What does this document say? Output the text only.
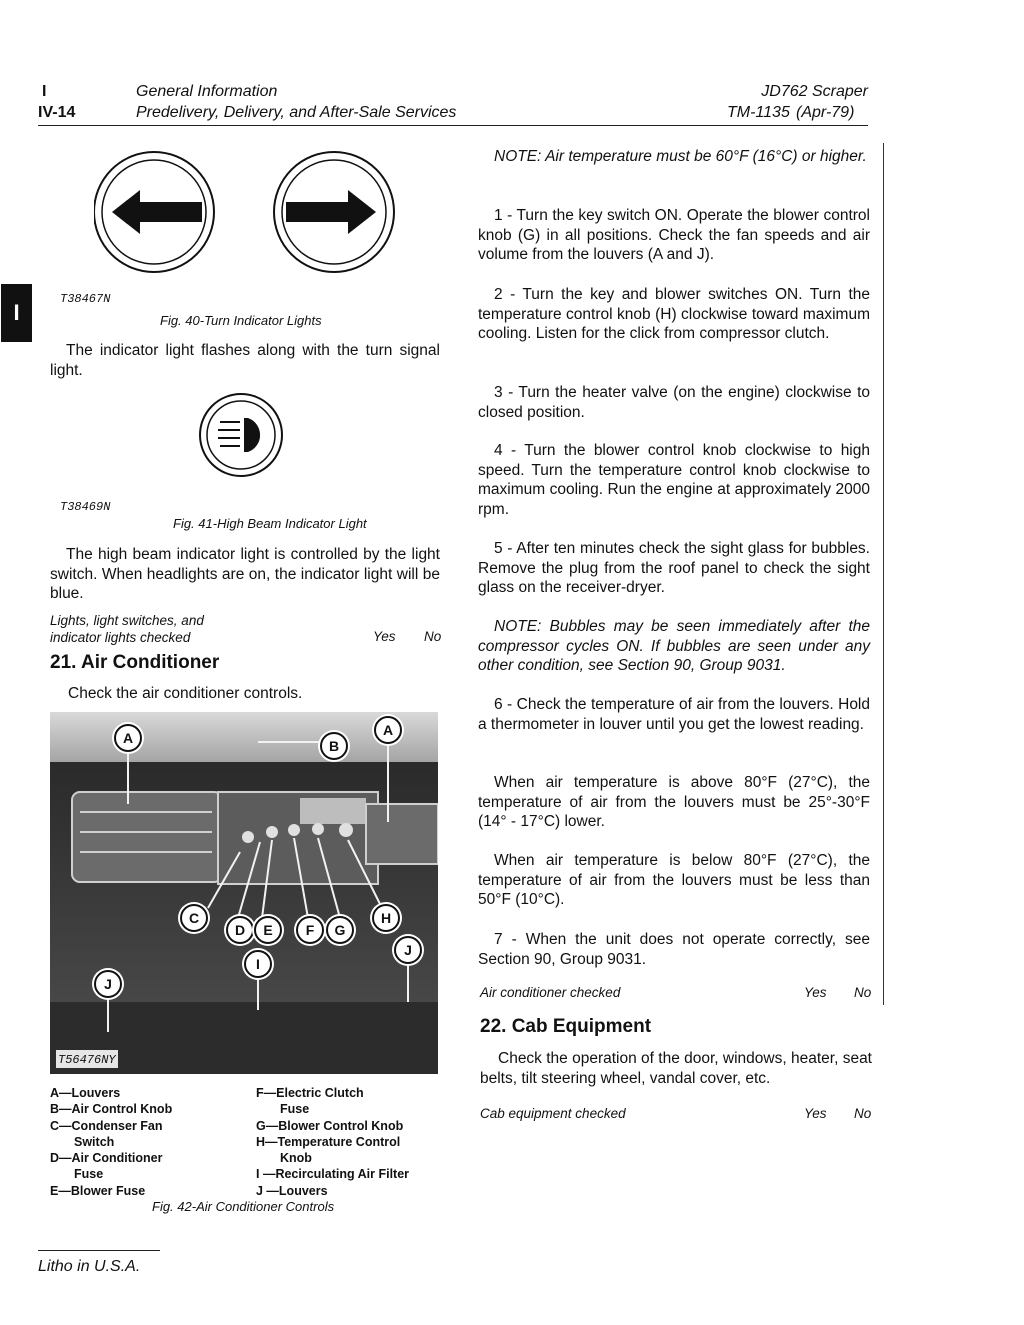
I
IV-14
General Information
Predelivery, Delivery, and After-Sale Services
JD762 Scraper
TM-1135 (Apr-79)
I
T38467N
Fig. 40-Turn Indicator Lights
The indicator light flashes along with the turn signal light.
T38469N
Fig. 41-High Beam Indicator Light
The high beam indicator light is controlled by the light switch. When headlights are on, the indicator light will be blue.
Lights, light switches, and indicator lights checked	Yes No
21. Air Conditioner
Check the air conditioner controls.
T56476NY
A	B
A
C
D	E	F	G
H
I
J
J
A—Louvers
B—Air Control Knob
C—Condenser Fan
Switch
D—Air Conditioner
Fuse
E—Blower Fuse
F—Electric Clutch
Fuse
G—Blower Control Knob
H—Temperature Control
Knob
I —Recirculating Air Filter
J —Louvers
Fig. 42-Air Conditioner Controls
Litho in U.S.A.
NOTE: Air temperature must be 60°F (16°C) or higher.
1 - Turn the key switch ON. Operate the blower control knob (G) in all positions. Check the fan speeds and air volume from the louvers (A and J).
2 - Turn the key and blower switches ON. Turn the temperature control knob (H) clockwise toward maximum cooling. Listen for the click from compressor clutch.
3 - Turn the heater valve (on the engine) clockwise to closed position.
4 - Turn the blower control knob clockwise to high speed. Turn the temperature control knob clockwise to maximum cooling. Run the engine at approximately 2000 rpm.
5 - After ten minutes check the sight glass for bubbles. Remove the plug from the roof panel to check the sight glass on the receiver-dryer.
NOTE: Bubbles may be seen immediately after the compressor cycles ON. If bubbles are seen under any other condition, see Section 90, Group 9031.
6 - Check the temperature of air from the louvers. Hold a thermometer in louver until you get the lowest reading.
When air temperature is above 80°F (27°C), the temperature of air from the louvers must be 25°-30°F (14° - 17°C) lower.
When air temperature is below 80°F (27°C), the temperature of air from the louvers must be less than 50°F (10°C).
7 - When the unit does not operate correctly, see Section 90, Group 9031.
Air conditioner checked	Yes No
22. Cab Equipment
Check the operation of the door, windows, heater, seat belts, tilt steering wheel, vandal cover, etc.
Cab equipment checked	Yes No
